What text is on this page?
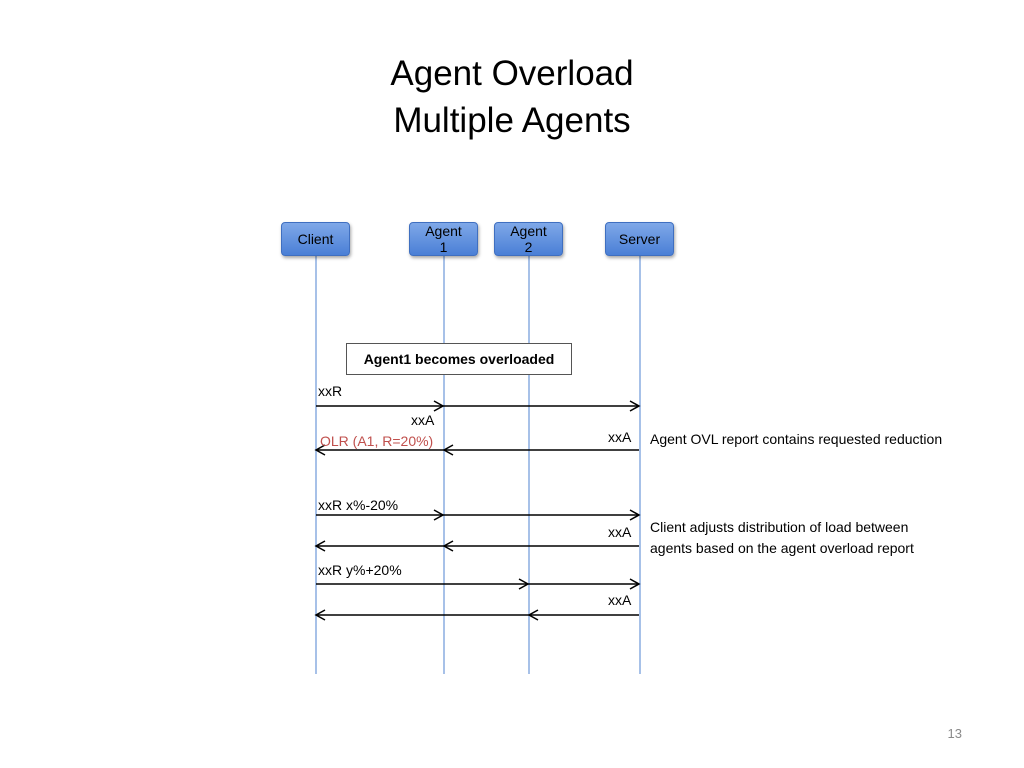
Agent Overload
Multiple Agents
Client	Agent
1
Agent
2	Server
Agent1 becomes overloaded
xxR
xxA
xxA
OLR (A1, R=20%)
xxR x%-20%
xxA
xxR y%+20%
xxA
Agent OVL report contains requested reduction
Client adjusts distribution of load between
agents based on the agent overload report
13
